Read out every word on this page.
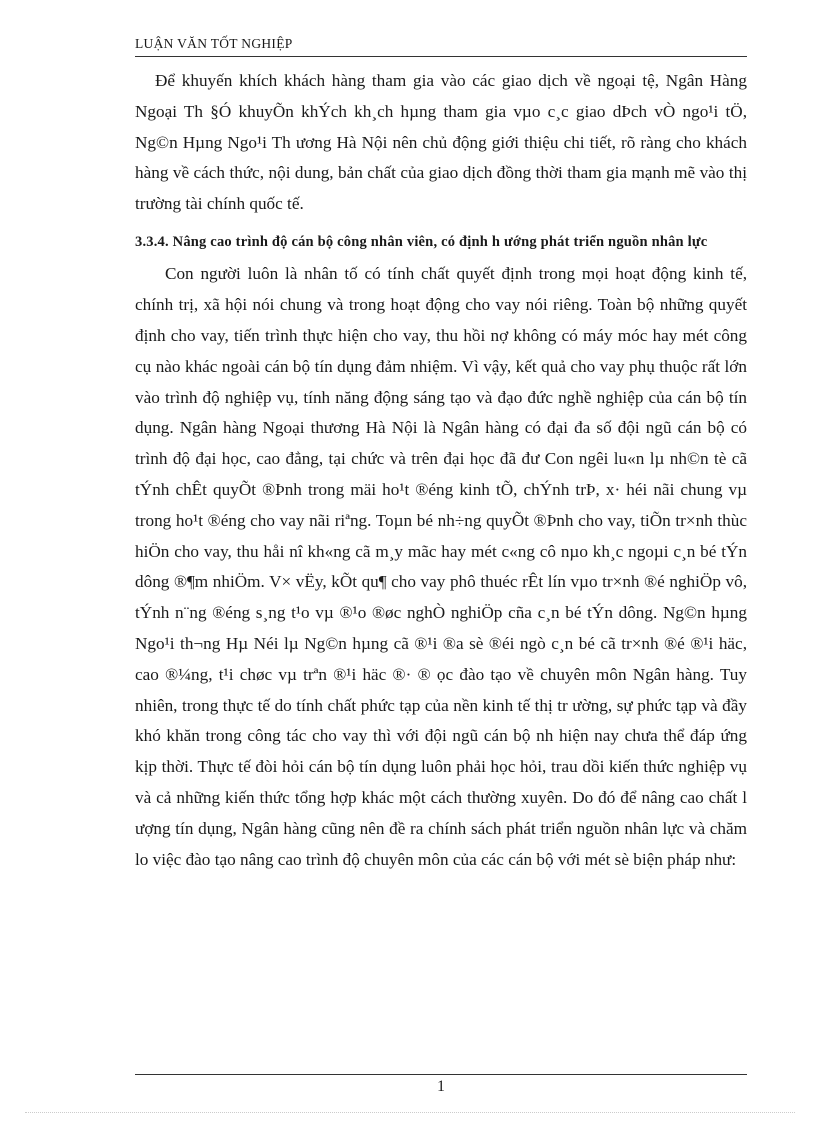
LUẬN VĂN TỐT NGHIỆP

Để khuyến khích khách hàng tham gia vào các giao dịch về ngoại tệ, Ngân Hàng Ngoại Th §Ó khuyÕn khÝch kh¸ch hµng tham gia vµo c¸c giao dÞch vÒ ngo¹i tÖ, Ng©n Hµng Ngo¹i Th ương Hà Nội nên chủ động giới thiệu chi tiết, rõ ràng cho khách hàng về cách thức, nội dung, bản chất của giao dịch đồng thời tham gia mạnh mẽ vào thị trường tài chính quốc tế.

3.3.4. Nâng cao trình độ cán bộ công nhân viên, có định h ướng phát triển nguồn nhân lực

Con người luôn là nhân tố có tính chất quyết định trong mọi hoạt động kinh tế, chính trị, xã hội nói chung và trong hoạt động cho vay nói riêng. Toàn bộ những quyết định cho vay, tiến trình thực hiện cho vay, thu hồi nợ không có máy móc hay mét công cụ nào khác ngoài cán bộ tín dụng đảm nhiệm. Vì vậy, kết quả cho vay phụ thuộc rất lớn vào trình độ nghiệp vụ, tính năng động sáng tạo và đạo đức nghề nghiệp của cán bộ tín dụng. Ngân hàng Ngoại thương Hà Nội là Ngân hàng có đại đa số đội ngũ cán bộ có trình độ đại học, cao đẳng, tại chức và trên đại học đã đư Con ngêi lu«n lµ nh©n tè cã tÝnh chÊt quyÕt ®Þnh trong mäi ho¹t ®éng kinh tÕ, chÝnh trÞ, x· héi nãi chung vµ trong ho¹t ®éng cho vay nãi riªng. Toµn bé nh÷ng quyÕt ®Þnh cho vay, tiÕn tr×nh thùc hiÖn cho vay, thu håi nî kh«ng cã m¸y mãc hay mét c«ng cô nµo kh¸c ngoµi c¸n bé tÝn dông ®¶m nhiÖm. V× vËy, kÕt qu¶ cho vay phô thuéc rÊt lín vµo tr×nh ®é nghiÖp vô, tÝnh n¨ng ®éng s¸ng t¹o vµ ®¹o ®øc nghÒ nghiÖp cña c¸n bé tÝn dông. Ng©n hµng Ngo¹i th¬ng Hµ Néi lµ Ng©n hµng cã ®¹i ®a sè ®éi ngò c¸n bé cã tr×nh ®é ®¹i häc, cao ®¼ng, t¹i chøc vµ trªn ®¹i häc ®· ® ọc đào tạo về chuyên môn Ngân hàng. Tuy nhiên, trong thực tế do tính chất phức tạp của nền kinh tế thị tr ường, sự phức tạp và đầy khó khăn trong công tác cho vay thì với đội ngũ cán bộ nh hiện nay chưa thể đáp ứng kịp thời. Thực tế đòi hỏi cán bộ tín dụng luôn phải học hỏi, trau dồi kiến thức nghiệp vụ và cả những kiến thức tổng hợp khác một cách thường xuyên. Do đó để nâng cao chất l ượng tín dụng, Ngân hàng cũng nên đề ra chính sách phát triển nguồn nhân lực và chăm lo việc đào tạo nâng cao trình độ chuyên môn của các cán bộ với mét sè biện pháp như:

1
